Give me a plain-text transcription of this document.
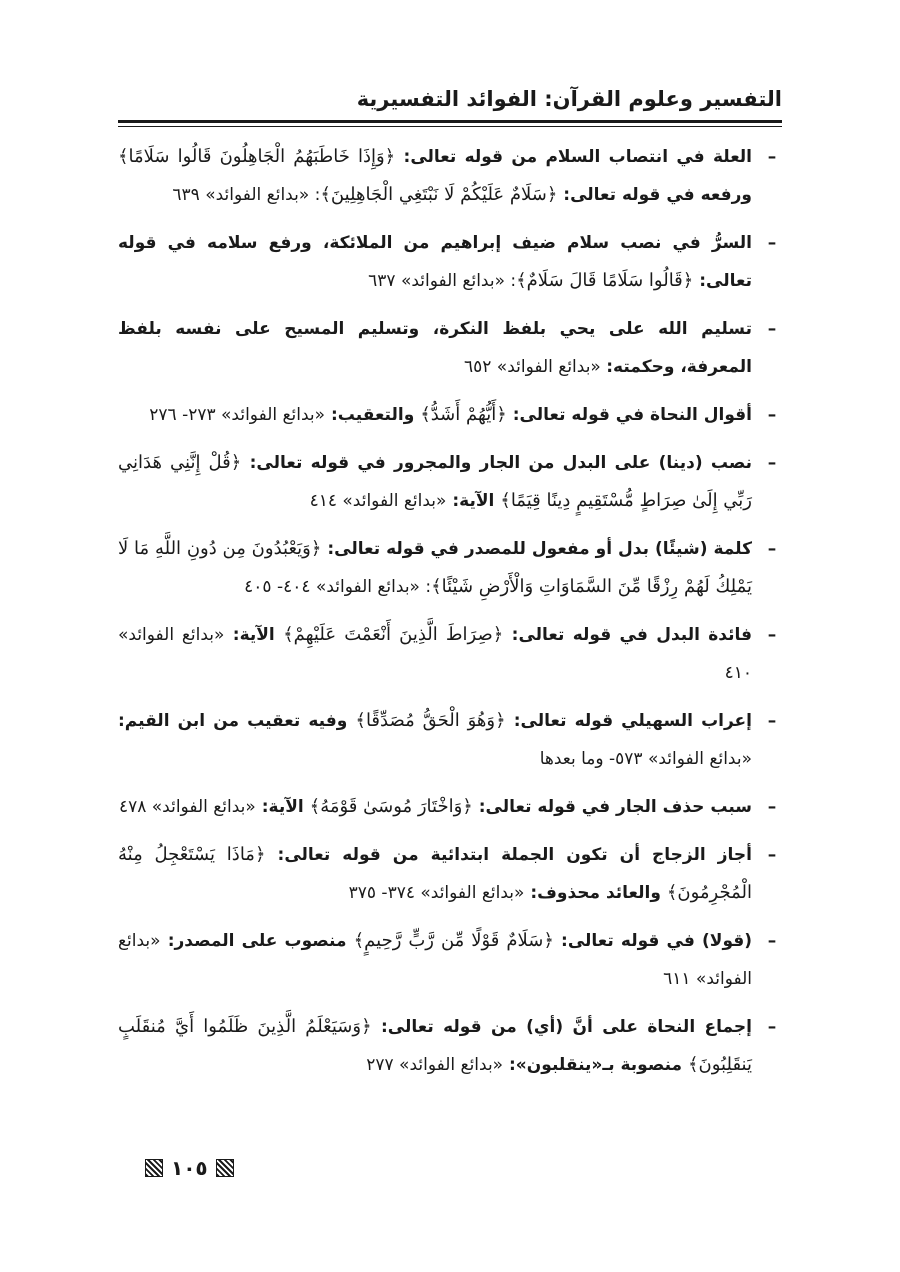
التفسير وعلوم القرآن: الفوائد التفسيرية
–
العلة في انتصاب السلام من قوله تعالى: ﴿وَإِذَا خَاطَبَهُمُ الْجَاهِلُونَ قَالُوا سَلَامًا﴾ ورفعه في قوله تعالى: ﴿سَلَامٌ عَلَيْكُمْ لَا نَبْتَغِي الْجَاهِلِينَ﴾: «بدائع الفوائد» ٦٣٩
–
السرُّ في نصب سلام ضيف إبراهيم من الملائكة، ورفع سلامه في قوله تعالى: ﴿قَالُوا سَلَامًا قَالَ سَلَامٌ﴾: «بدائع الفوائد» ٦٣٧
–
تسليم الله على يحي بلفظ النكرة، وتسليم المسيح على نفسه بلفظ المعرفة، وحكمته: «بدائع الفوائد» ٦٥٢
–
أقوال النحاة في قوله تعالى: ﴿أَيُّهُمْ أَشَدُّ﴾ والتعقيب: «بدائع الفوائد» ٢٧٣- ٢٧٦
–
نصب (دينا) على البدل من الجار والمجرور في قوله تعالى: ﴿قُلْ إِنَّنِي هَدَانِي رَبِّي إِلَىٰ صِرَاطٍ مُّسْتَقِيمٍ دِينًا قِيَمًا﴾ الآية: «بدائع الفوائد» ٤١٤
–
كلمة (شيئًا) بدل أو مفعول للمصدر في قوله تعالى: ﴿وَيَعْبُدُونَ مِن دُونِ اللَّهِ مَا لَا يَمْلِكُ لَهُمْ رِزْقًا مِّنَ السَّمَاوَاتِ وَالْأَرْضِ شَيْئًا﴾: «بدائع الفوائد» ٤٠٤- ٤٠٥
–
فائدة البدل في قوله تعالى: ﴿صِرَاطَ الَّذِينَ أَنْعَمْتَ عَلَيْهِمْ﴾ الآية: «بدائع الفوائد» ٤١٠
–
إعراب السهيلي قوله تعالى: ﴿وَهُوَ الْحَقُّ مُصَدِّقًا﴾ وفيه تعقيب من ابن القيم: «بدائع الفوائد» ٥٧٣- وما بعدها
–
سبب حذف الجار في قوله تعالى: ﴿وَاخْتَارَ مُوسَىٰ قَوْمَهُ﴾ الآية: «بدائع الفوائد» ٤٧٨
–
أجاز الزجاج أن تكون الجملة ابتدائية من قوله تعالى: ﴿مَاذَا يَسْتَعْجِلُ مِنْهُ الْمُجْرِمُونَ﴾ والعائد محذوف: «بدائع الفوائد» ٣٧٤- ٣٧٥
–
(قولا) في قوله تعالى: ﴿سَلَامٌ قَوْلًا مِّن رَّبٍّ رَّحِيمٍ﴾ منصوب على المصدر: «بدائع الفوائد» ٦١١
–
إجماع النحاة على أنَّ (أي) من قوله تعالى: ﴿وَسَيَعْلَمُ الَّذِينَ ظَلَمُوا أَيَّ مُنقَلَبٍ يَنقَلِبُونَ﴾ منصوبة بـ«ينقلبون»: «بدائع الفوائد» ٢٧٧
١٠٥
